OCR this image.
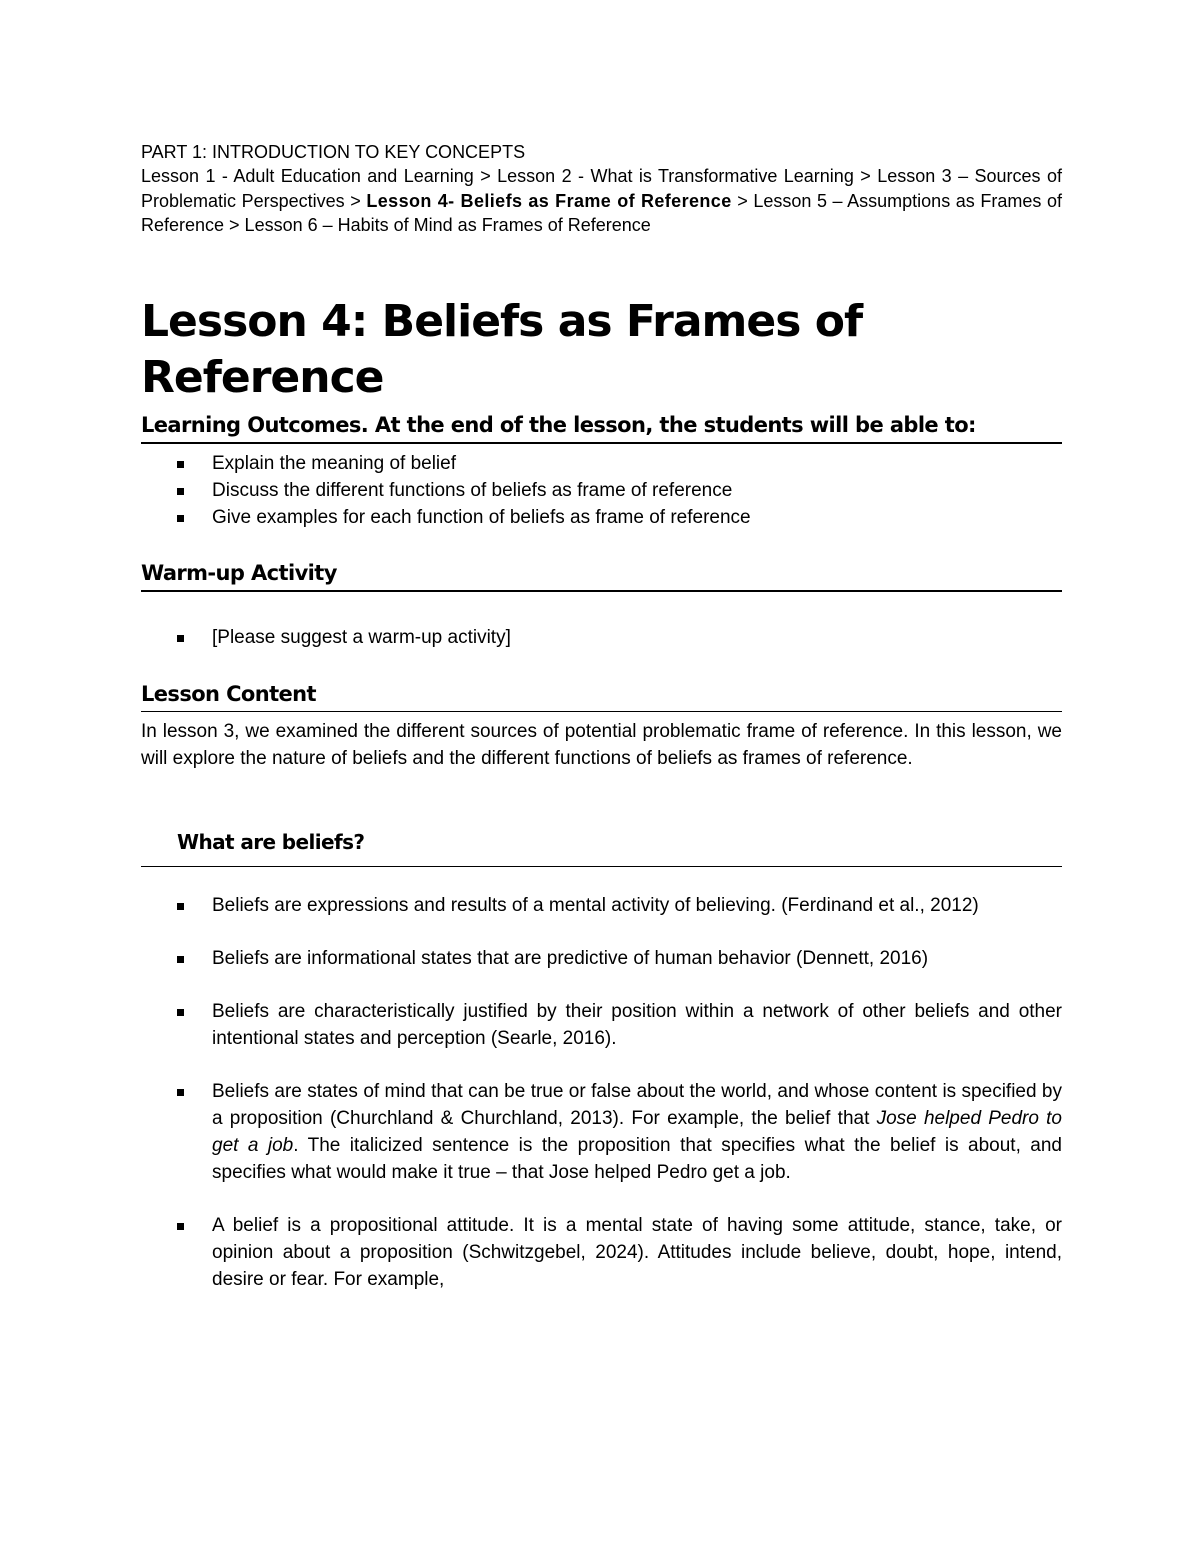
PART 1: INTRODUCTION TO KEY CONCEPTS

Lesson 1 - Adult Education and Learning > Lesson 2 - What is Transformative Learning > Lesson 3 – Sources of Problematic Perspectives > Lesson 4- Beliefs as Frame of Reference > Lesson 5 – Assumptions as Frames of Reference > Lesson 6 – Habits of Mind as Frames of Reference

Lesson 4: Beliefs as Frames of Reference
Learning Outcomes. At the end of the lesson, the students will be able to:
Explain the meaning of belief
Discuss the different functions of beliefs as frame of reference
Give examples for each function of beliefs as frame of reference
Warm-up Activity
[Please suggest a warm-up activity]
Lesson Content

In lesson 3, we examined the different sources of potential problematic frame of reference. In this lesson, we will explore the nature of beliefs and the different functions of beliefs as frames of reference.

What are beliefs?
Beliefs are expressions and results of a mental activity of believing. (Ferdinand et al., 2012)
Beliefs are informational states that are predictive of human behavior (Dennett, 2016)
Beliefs are characteristically justified by their position within a network of other beliefs and other intentional states and perception (Searle, 2016).
Beliefs are states of mind that can be true or false about the world, and whose content is specified by a proposition (Churchland & Churchland, 2013). For example, the belief that Jose helped Pedro to get a job. The italicized sentence is the proposition that specifies what the belief is about, and specifies what would make it true – that Jose helped Pedro get a job.
A belief is a propositional attitude. It is a mental state of having some attitude, stance, take, or opinion about a proposition (Schwitzgebel, 2024). Attitudes include believe, doubt, hope, intend, desire or fear. For example,
